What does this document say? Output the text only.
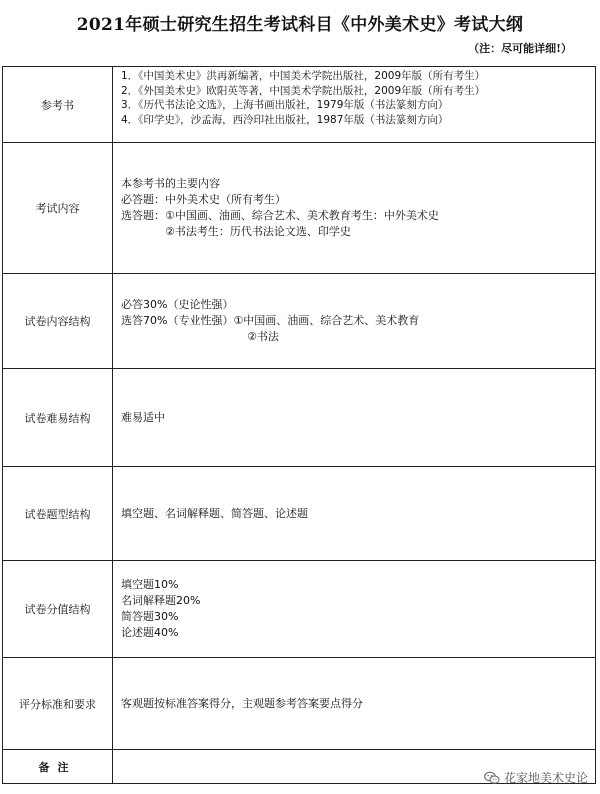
2021年硕士研究生招生考试科目《中外美术史》考试大纲
（注：尽可能详细!）
参考书	1．《中国美术史》洪再新编著，中国美术学院出版社，2009年版（所有考生）
2．《外国美术史》欧阳英等著，中国美术学院出版社，2009年版（所有考生）
3．《历代书法论文选》，上海书画出版社，1979年版（书法篆刻方向）
4．《印学史》，沙孟海，西泠印社出版社，1987年版（书法篆刻方向）

考试内容	本参考书的主要内容
必答题：中外美术史（所有考生）
选答题：①中国画、油画、综合艺术、美术教育考生：中外美术史
②书法考生：历代书法论文选、印学史

试卷内容结构	必答30%（史论性强）
选答70%（专业性强）①中国画、油画、综合艺术、美术教育
②书法

试卷难易结构	难易适中
试卷题型结构	填空题、名词解释题、简答题、论述题
试卷分值结构	填空题10%
名词解释题20%
简答题30%
论述题40%

评分标准和要求	客观题按标准答案得分，主观题参考答案要点得分
备注	
花家地美术史论
